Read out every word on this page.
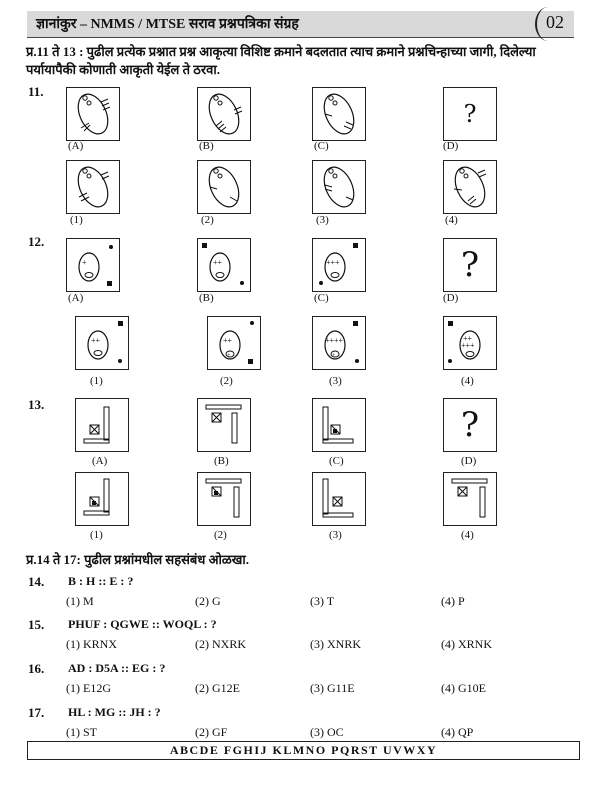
ज्ञानांकुर – NMMS / MTSE सराव प्रश्नपत्रिका संग्रह	02
प्र.11 ते 13 : पुढील प्रत्येक प्रश्नात प्रश्न आकृत्या विशिष्ट क्रमाने बदलतात त्याच क्रमाने प्रश्नचिन्हाच्या जागी, दिलेल्या पर्यायापैकी कोणाती आकृती येईल ते ठरवा.
11.
12.
13.
?
(A)	(B)	(C)	(D)
(1)	(2)	(3)	(4)
+	++	+++	?
(A)	(B)	(C)	(D)
++	++
+
++++
+
++
+++
(1)	(2)	(3)	(4)
?
(A)	(B)	(C)	(D)
(1)	(2)	(3)	(4)
प्र.14 ते 17: पुढील प्रश्नांमधील सहसंबंध ओळखा.
14. B : H :: E : ?
(1) M	(2) G	(3) T	(4) P
15. PHUF : QGWE :: WOQL : ?
(1) KRNX	(2) NXRK	(3) XNRK	(4) XRNK
16. AD : D5A :: EG : ?
(1) E12G	(2) G12E	(3) G11E	(4) G10E
17. HL : MG :: JH : ?
(1) ST	(2) GF	(3) OC	(4) QP
ABCDE FGHIJ KLMNO PQRST UVWXY
